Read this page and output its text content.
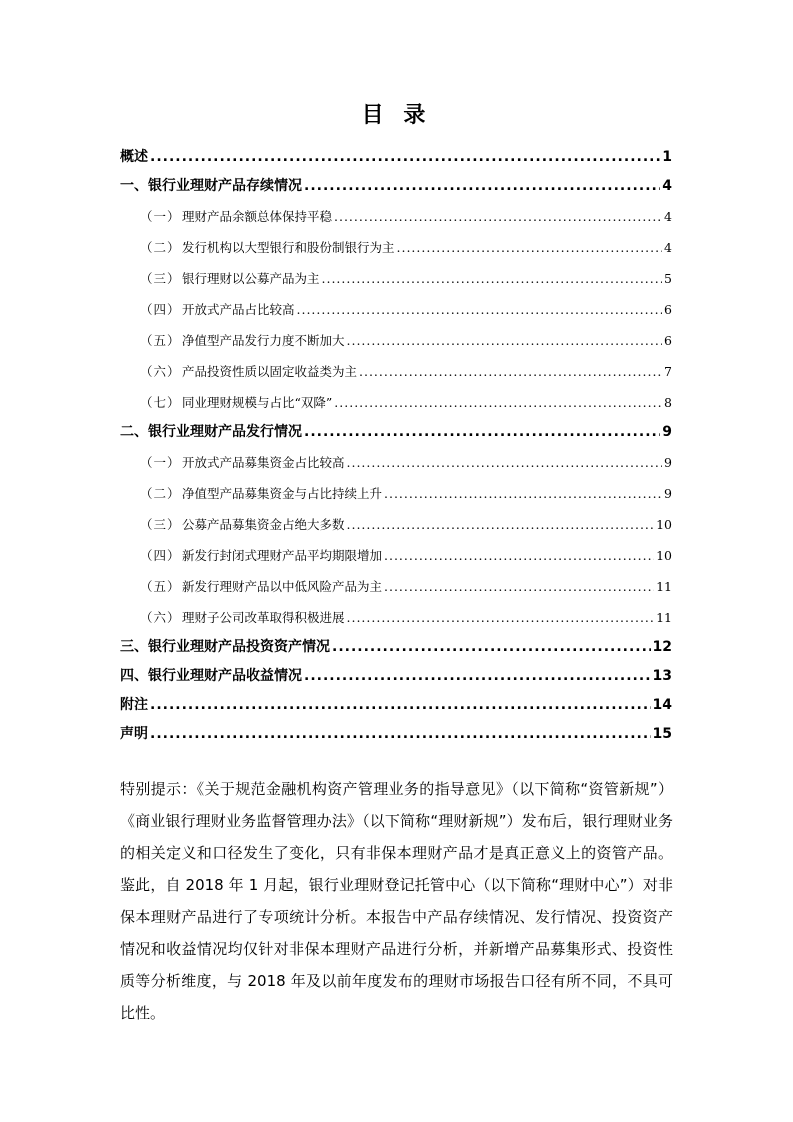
目 录
概述 .....	1
一、银行业理财产品存续情况 .....	4
（一） 理财产品余额总体保持平稳 .....	4
（二） 发行机构以大型银行和股份制银行为主 .....	4
（三） 银行理财以公募产品为主 .....	5
（四） 开放式产品占比较高 .....	6
（五） 净值型产品发行力度不断加大 .....	6
（六） 产品投资性质以固定收益类为主 .....	7
（七） 同业理财规模与占比“双降” .....	8
二、银行业理财产品发行情况 .....	9
（一） 开放式产品募集资金占比较高 .....	9
（二） 净值型产品募集资金与占比持续上升 .....	9
（三） 公募产品募集资金占绝大多数 .....	10
（四） 新发行封闭式理财产品平均期限增加 .....	10
（五） 新发行理财产品以中低风险产品为主 .....	11
（六） 理财子公司改革取得积极进展 .....	11
三、银行业理财产品投资资产情况 .....	12
四、银行业理财产品收益情况 .....	13
附注 .....	14
声明 .....	15
特别提示：《关于规范金融机构资产管理业务的指导意见》（以下简称“资管新规”）《商业银行理财业务监督管理办法》（以下简称“理财新规”）发布后，银行理财业务的相关定义和口径发生了变化，只有非保本理财产品才是真正意义上的资管产品。鉴此，自 2018 年 1 月起，银行业理财登记托管中心（以下简称“理财中心”）对非保本理财产品进行了专项统计分析。本报告中产品存续情况、发行情况、投资资产情况和收益情况均仅针对非保本理财产品进行分析，并新增产品募集形式、投资性质等分析维度，与 2018 年及以前年度发布的理财市场报告口径有所不同，不具可比性。
